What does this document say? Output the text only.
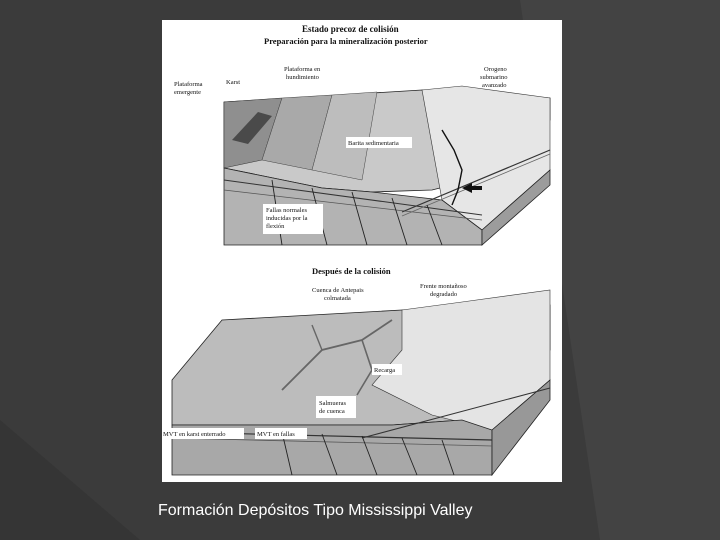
Estado precoz de colisión
Preparación para la mineralización posterior
Plataforma
emergente
Karst
Plataforma en
hundimiento
Orogeno
submarino
avanzado
Barita sedimentaria
Fallas normales
inducidas por la
flexión
Después de la colisión
Cuenca de Antepais
colmatada
Frente montañoso
degradado
Recarga
Salmueras
de cuenca
MVT en karst enterrado	MVT en fallas
Formación Depósitos Tipo Mississippi Valley
